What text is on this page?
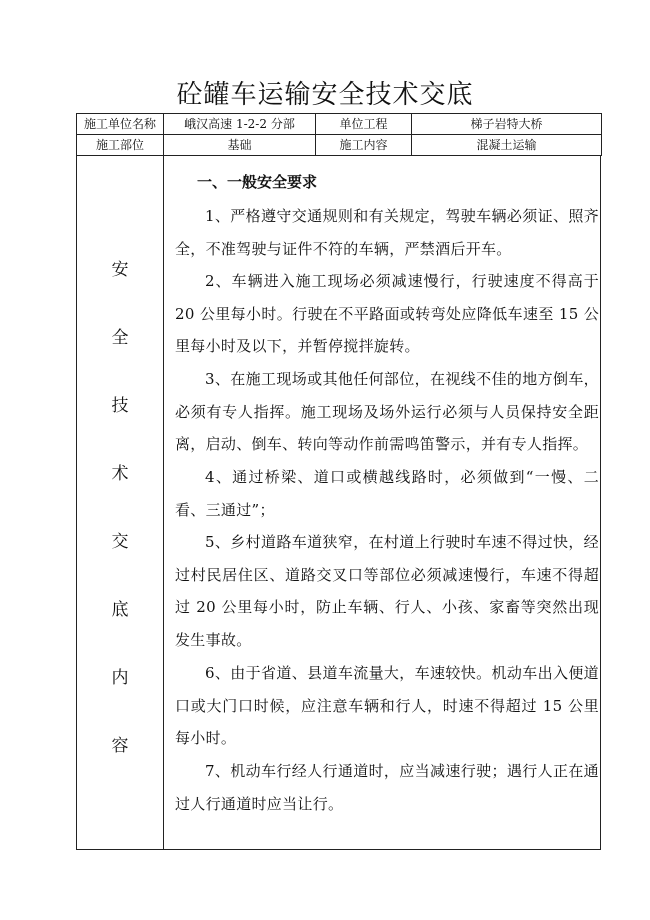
砼罐车运输安全技术交底
施工单位名称	峨汉高速 1-2-2 分部	单位工程	梯子岩特大桥
施工部位	基础	施工内容	混凝土运输
安
全
技
术
交
底
内
容
一、一般安全要求
1、严格遵守交通规则和有关规定，驾驶车辆必须证、照齐全，不准驾驶与证件不符的车辆，严禁酒后开车。
2、车辆进入施工现场必须减速慢行，行驶速度不得高于 20 公里每小时。行驶在不平路面或转弯处应降低车速至 15 公里每小时及以下，并暂停搅拌旋转。
3、在施工现场或其他任何部位，在视线不佳的地方倒车，必须有专人指挥。施工现场及场外运行必须与人员保持安全距离，启动、倒车、转向等动作前需鸣笛警示，并有专人指挥。
4、通过桥梁、道口或横越线路时，必须做到“一慢、二看、三通过”；
5、乡村道路车道狭窄，在村道上行驶时车速不得过快，经过村民居住区、道路交叉口等部位必须减速慢行，车速不得超过 20 公里每小时，防止车辆、行人、小孩、家畜等突然出现发生事故。
6、由于省道、县道车流量大，车速较快。机动车出入便道口或大门口时候，应注意车辆和行人，时速不得超过 15 公里每小时。
7、机动车行经人行通道时，应当减速行驶；遇行人正在通过人行通道时应当让行。
